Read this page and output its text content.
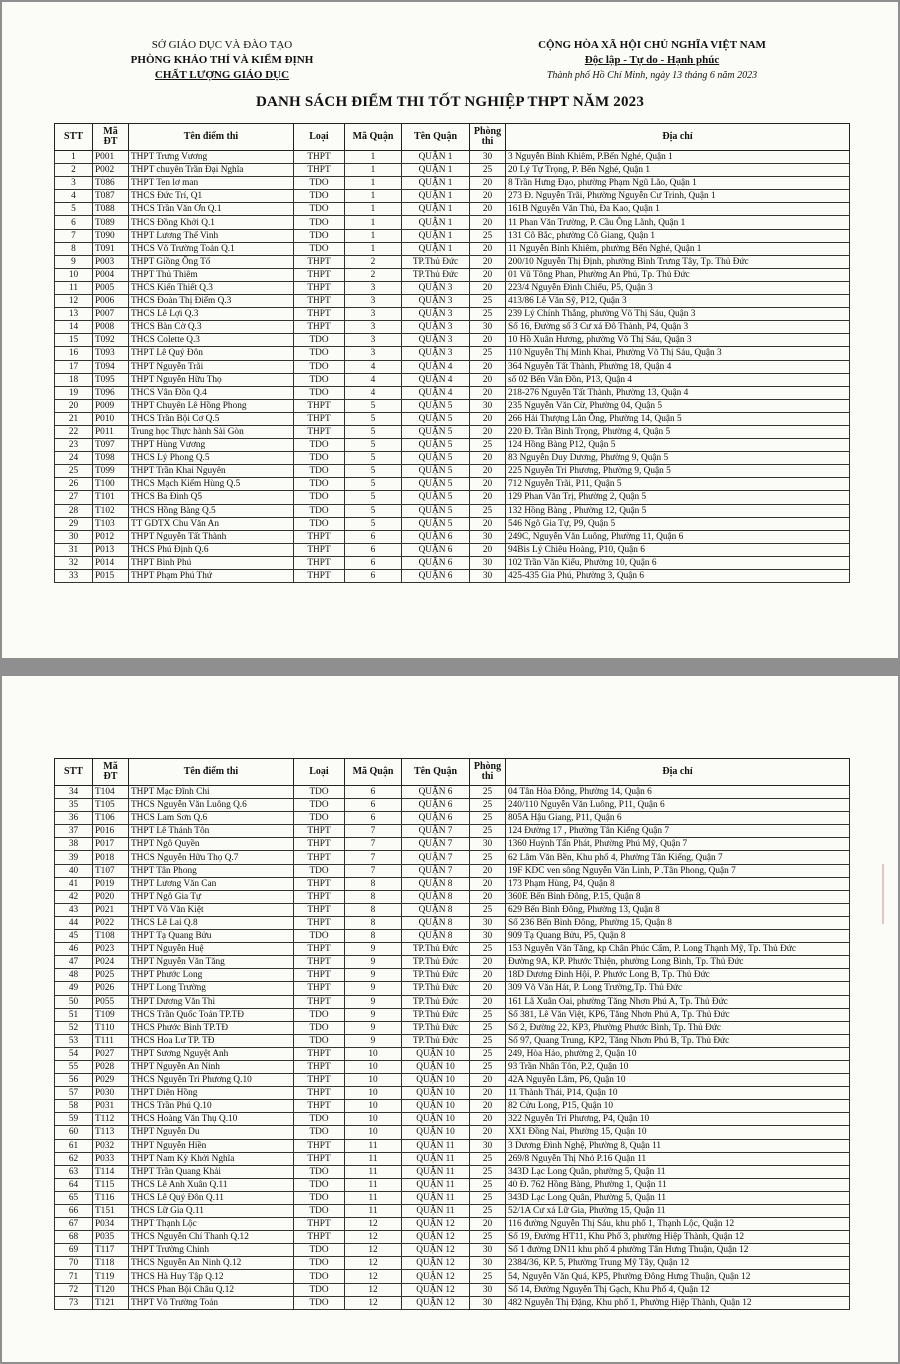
SỞ GIÁO DỤC VÀ ĐÀO TẠO
PHÒNG KHẢO THÍ VÀ KIỂM ĐỊNH
CHẤT LƯỢNG GIÁO DỤC
CỘNG HÒA XÃ HỘI CHỦ NGHĨA VIỆT NAM
Độc lập - Tự do - Hạnh phúc
Thành phố Hồ Chí Minh, ngày 13 tháng 6 năm 2023
DANH SÁCH ĐIỂM THI TỐT NGHIỆP THPT NĂM 2023
STT	Mã ĐT	Tên điểm thi	Loại	Mã Quận	Tên Quận	Phòng thi	Địa chỉ
1	P001	THPT Trưng Vương	THPT	1	QUẬN 1	30	3 Nguyễn Bỉnh Khiêm, P.Bến Nghé, Quận 1
2	P002	THPT chuyên Trần Đại Nghĩa	THPT	1	QUẬN 1	25	20 Lý Tự Trọng, P. Bến Nghé, Quận 1
3	T086	THPT Ten lơ man	TDO	1	QUẬN 1	20	8 Trần Hưng Đạo, phường Phạm Ngũ Lão, Quận 1
4	T087	THCS Đức Trí, Q1	TDO	1	QUẬN 1	20	273 Đ. Nguyễn Trãi, Phường Nguyễn Cư Trinh, Quận 1
5	T088	THCS Trần Văn Ơn Q.1	TDO	1	QUẬN 1	20	161B Nguyễn Văn Thủ, Đa Kao, Quận 1
6	T089	THCS Đồng Khởi Q.1	TDO	1	QUẬN 1	20	11 Phan Văn Trường, P. Cầu Ông Lãnh, Quận 1
7	T090	THPT Lương Thế Vinh	TDO	1	QUẬN 1	25	131 Cô Bắc, phường Cô Giang, Quận 1
8	T091	THCS Võ Trường Toản Q.1	TDO	1	QUẬN 1	20	11 Nguyễn Bỉnh Khiêm, phường Bến Nghé, Quận 1
9	P003	THPT Giồng Ông Tố	THPT	2	TP.Thủ Đức	20	200/10 Nguyễn Thị Định, phường Bình Trưng Tây, Tp. Thủ Đức
10	P004	THPT Thủ Thiêm	THPT	2	TP.Thủ Đức	20	01 Vũ Tông Phan, Phường An Phú, Tp. Thủ Đức
11	P005	THCS Kiến Thiết Q.3	THPT	3	QUẬN 3	20	223/4 Nguyễn Đình Chiểu, P5, Quận 3
12	P006	THCS Đoàn Thị Điểm Q.3	THPT	3	QUẬN 3	25	413/86 Lê Văn Sỹ, P12, Quận 3
13	P007	THCS Lê Lợi Q.3	THPT	3	QUẬN 3	25	239 Lý Chính Thắng, phường Võ Thị Sáu, Quận 3
14	P008	THCS Bàn Cờ Q.3	THPT	3	QUẬN 3	30	Số 16, Đường số 3 Cư xá Đô Thành, P4, Quận 3
15	T092	THCS Colette Q.3	TDO	3	QUẬN 3	20	10 Hồ Xuân Hương, phường Võ Thị Sáu, Quận 3
16	T093	THPT Lê Quý Đôn	TDO	3	QUẬN 3	25	110 Nguyễn Thị Minh Khai, Phường Võ Thị Sáu, Quận 3
17	T094	THPT Nguyễn Trãi	TDO	4	QUẬN 4	20	364 Nguyễn Tất Thành, Phường 18, Quận 4
18	T095	THPT Nguyễn Hữu Thọ	TDO	4	QUẬN 4	20	số 02 Bến Vân Đồn, P13, Quận 4
19	T096	THCS Vân Đồn Q.4	TDO	4	QUẬN 4	20	218-276 Nguyễn Tất Thành, Phường 13, Quận 4
20	P009	THPT Chuyên Lê Hồng Phong	THPT	5	QUẬN 5	30	235 Nguyễn Văn Cừ, Phường 04, Quận 5
21	P010	THCS Trần Bội Cơ Q.5	THPT	5	QUẬN 5	20	266 Hải Thượng Lãn Ông, Phường 14, Quận 5
22	P011	Trung học Thực hành Sài Gòn	THPT	5	QUẬN 5	20	220 Đ. Trần Bình Trọng, Phường 4, Quận 5
23	T097	THPT Hùng Vương	TDO	5	QUẬN 5	25	124 Hồng Bàng P12, Quận 5
24	T098	THCS Lý Phong Q.5	TDO	5	QUẬN 5	20	83 Nguyễn Duy Dương, Phường 9, Quận 5
25	T099	THPT Trần Khai Nguyên	TDO	5	QUẬN 5	20	225 Nguyễn Tri Phương, Phường 9, Quận 5
26	T100	THCS Mạch Kiếm Hùng Q.5	TDO	5	QUẬN 5	20	712 Nguyễn Trãi, P11, Quận 5
27	T101	THCS Ba Đình Q5	TDO	5	QUẬN 5	20	129 Phan Văn Trị, Phường 2, Quận 5
28	T102	THCS Hồng Bàng Q.5	TDO	5	QUẬN 5	25	132 Hồng Bàng , Phường 12, Quận 5
29	T103	TT GDTX Chu Văn An	TDO	5	QUẬN 5	20	546 Ngô Gia Tự, P9, Quận 5
30	P012	THPT Nguyễn Tất Thành	THPT	6	QUẬN 6	30	249C, Nguyễn Văn Luông, Phường 11, Quận 6
31	P013	THCS Phú Định Q.6	THPT	6	QUẬN 6	20	94Bis Lý Chiêu Hoàng, P10, Quận 6
32	P014	THPT Bình Phú	THPT	6	QUẬN 6	30	102 Trần Văn Kiểu, Phường 10, Quận 6
33	P015	THPT Phạm Phú Thứ	THPT	6	QUẬN 6	30	425-435 Gia Phú, Phường 3, Quận 6
STT	Mã ĐT	Tên điểm thi	Loại	Mã Quận	Tên Quận	Phòng thi	Địa chỉ
34	T104	THPT Mạc Đĩnh Chi	TDO	6	QUẬN 6	25	04 Tân Hòa Đông, Phường 14, Quận 6
35	T105	THCS Nguyễn Văn Luông Q.6	TDO	6	QUẬN 6	25	240/110 Nguyễn Văn Luông, P11, Quận 6
36	T106	THCS Lam Sơn Q.6	TDO	6	QUẬN 6	25	805A Hậu Giang, P11, Quận 6
37	P016	THPT Lê Thánh Tôn	THPT	7	QUẬN 7	25	124 Đường 17 , Phường Tân Kiểng Quận 7
38	P017	THPT Ngô Quyền	THPT	7	QUẬN 7	30	1360 Huỳnh Tấn Phát, Phường Phú Mỹ, Quận 7
39	P018	THCS Nguyễn Hữu Thọ Q.7	THPT	7	QUẬN 7	25	62 Lâm Văn Bền, Khu phố 4, Phường Tân Kiểng, Quận 7
40	T107	THPT Tân Phong	TDO	7	QUẬN 7	20	19F KDC ven sông Nguyễn Văn Linh, P .Tân Phong, Quận 7
41	P019	THPT Lương Văn Can	THPT	8	QUẬN 8	20	173 Phạm Hùng, P4, Quận 8
42	P020	THPT Ngô Gia Tự	THPT	8	QUẬN 8	20	360E Bến Bình Đông, P.15, Quận 8
43	P021	THPT Võ Văn Kiệt	THPT	8	QUẬN 8	25	629 Bến Bình Đông, Phường 13, Quận 8
44	P022	THCS Lê Lai Q.8	THPT	8	QUẬN 8	30	Số 236 Bến Bình Đông, Phường 15, Quận 8
45	T108	THPT Tạ Quang Bửu	TDO	8	QUẬN 8	30	909 Tạ Quang Bửu, P5, Quận 8
46	P023	THPT Nguyễn Huệ	THPT	9	TP.Thủ Đức	25	153 Nguyễn Văn Tăng, kp Chân Phúc Cẩm, P. Long Thạnh Mỹ, Tp. Thủ Đức
47	P024	THPT Nguyễn Văn Tăng	THPT	9	TP.Thủ Đức	20	Đường 9A, KP. Phước Thiện, phường Long Bình, Tp. Thủ Đức
48	P025	THPT Phước Long	THPT	9	TP.Thủ Đức	20	18D Dương Đình Hội, P. Phước Long B, Tp. Thủ Đức
49	P026	THPT Long Trường	THPT	9	TP.Thủ Đức	20	309 Võ Văn Hát, P. Long Trường,Tp. Thủ Đức
50	P055	THPT Dương Văn Thì	THPT	9	TP.Thủ Đức	20	161 Lã Xuân Oai, phường Tăng Nhơn Phú A, Tp. Thủ Đức
51	T109	THCS Trần Quốc Toản TP.TĐ	TDO	9	TP.Thủ Đức	25	Số 381, Lê Văn Việt, KP6, Tăng Nhơn Phú A, Tp. Thủ Đức
52	T110	THCS Phước Bình TP.TĐ	TDO	9	TP.Thủ Đức	25	Số 2, Đường 22, KP3, Phường Phước Bình, Tp. Thủ Đức
53	T111	THCS Hoa Lư TP. TĐ	TDO	9	TP.Thủ Đức	25	Số 97, Quang Trung, KP2, Tăng Nhơn Phú B, Tp. Thủ Đức
54	P027	THPT Sương Nguyệt Anh	THPT	10	QUẬN 10	25	249, Hòa Hảo, phường 2, Quận 10
55	P028	THPT Nguyễn An Ninh	THPT	10	QUẬN 10	25	93 Trần Nhân Tôn, P.2, Quận 10
56	P029	THCS Nguyễn Tri Phương Q.10	THPT	10	QUẬN 10	20	42A Nguyễn Lâm, P6, Quận 10
57	P030	THPT Diên Hồng	THPT	10	QUẬN 10	20	11 Thành Thái, P14, Quận 10
58	P031	THCS Trần Phú Q.10	THPT	10	QUẬN 10	20	82 Cửu Long, P15, Quận 10
59	T112	THCS Hoàng Văn Thụ Q.10	TDO	10	QUẬN 10	20	322 Nguyễn Tri Phương, P4, Quận 10
60	T113	THPT Nguyễn Du	TDO	10	QUẬN 10	20	XX1 Đồng Nai, Phường 15, Quận 10
61	P032	THPT Nguyễn Hiền	THPT	11	QUẬN 11	30	3 Dương Đình Nghệ, Phường 8, Quận 11
62	P033	THPT Nam Kỳ Khởi Nghĩa	THPT	11	QUẬN 11	25	269/8 Nguyễn Thị Nhỏ P.16 Quận 11
63	T114	THPT Trần Quang Khải	TDO	11	QUẬN 11	25	343D Lạc Long Quân, phường 5, Quận 11
64	T115	THCS Lê Anh Xuân Q.11	TDO	11	QUẬN 11	25	40 Đ. 762 Hồng Bàng, Phường 1, Quận 11
65	T116	THCS Lê Quý Đôn Q.11	TDO	11	QUẬN 11	25	343D Lạc Long Quân, Phường 5, Quận 11
66	T151	THCS Lữ Gia Q.11	TDO	11	QUẬN 11	25	52/1A Cư xá Lữ Gia, Phường 15, Quận 11
67	P034	THPT Thạnh Lộc	THPT	12	QUẬN 12	20	116 đường Nguyễn Thị Sáu, khu phố 1, Thạnh Lộc, Quận 12
68	P035	THCS Nguyễn Chí Thanh Q.12	THPT	12	QUẬN 12	25	Số 19, Đường HT11, Khu Phố 3, phường Hiệp Thành, Quận 12
69	T117	THPT Trường Chinh	TDO	12	QUẬN 12	30	Số 1 đường DN11 khu phố 4 phường Tân Hưng Thuận, Quận 12
70	T118	THCS Nguyễn An Ninh Q.12	TDO	12	QUẬN 12	30	2384/36, KP. 5, Phường Trung Mỹ Tây, Quận 12
71	T119	THCS Hà Huy Tập Q.12	TDO	12	QUẬN 12	25	54, Nguyễn Văn Quá, KP5, Phường Đông Hưng Thuận, Quận 12
72	T120	THCS Phan Bội Châu Q.12	TDO	12	QUẬN 12	30	Số 14, Đường Nguyễn Thị Gạch, Khu Phố 4, Quận 12
73	T121	THPT Võ Trường Toản	TDO	12	QUẬN 12	30	482 Nguyễn Thị Đặng, Khu phố 1, Phường Hiệp Thành, Quận 12
